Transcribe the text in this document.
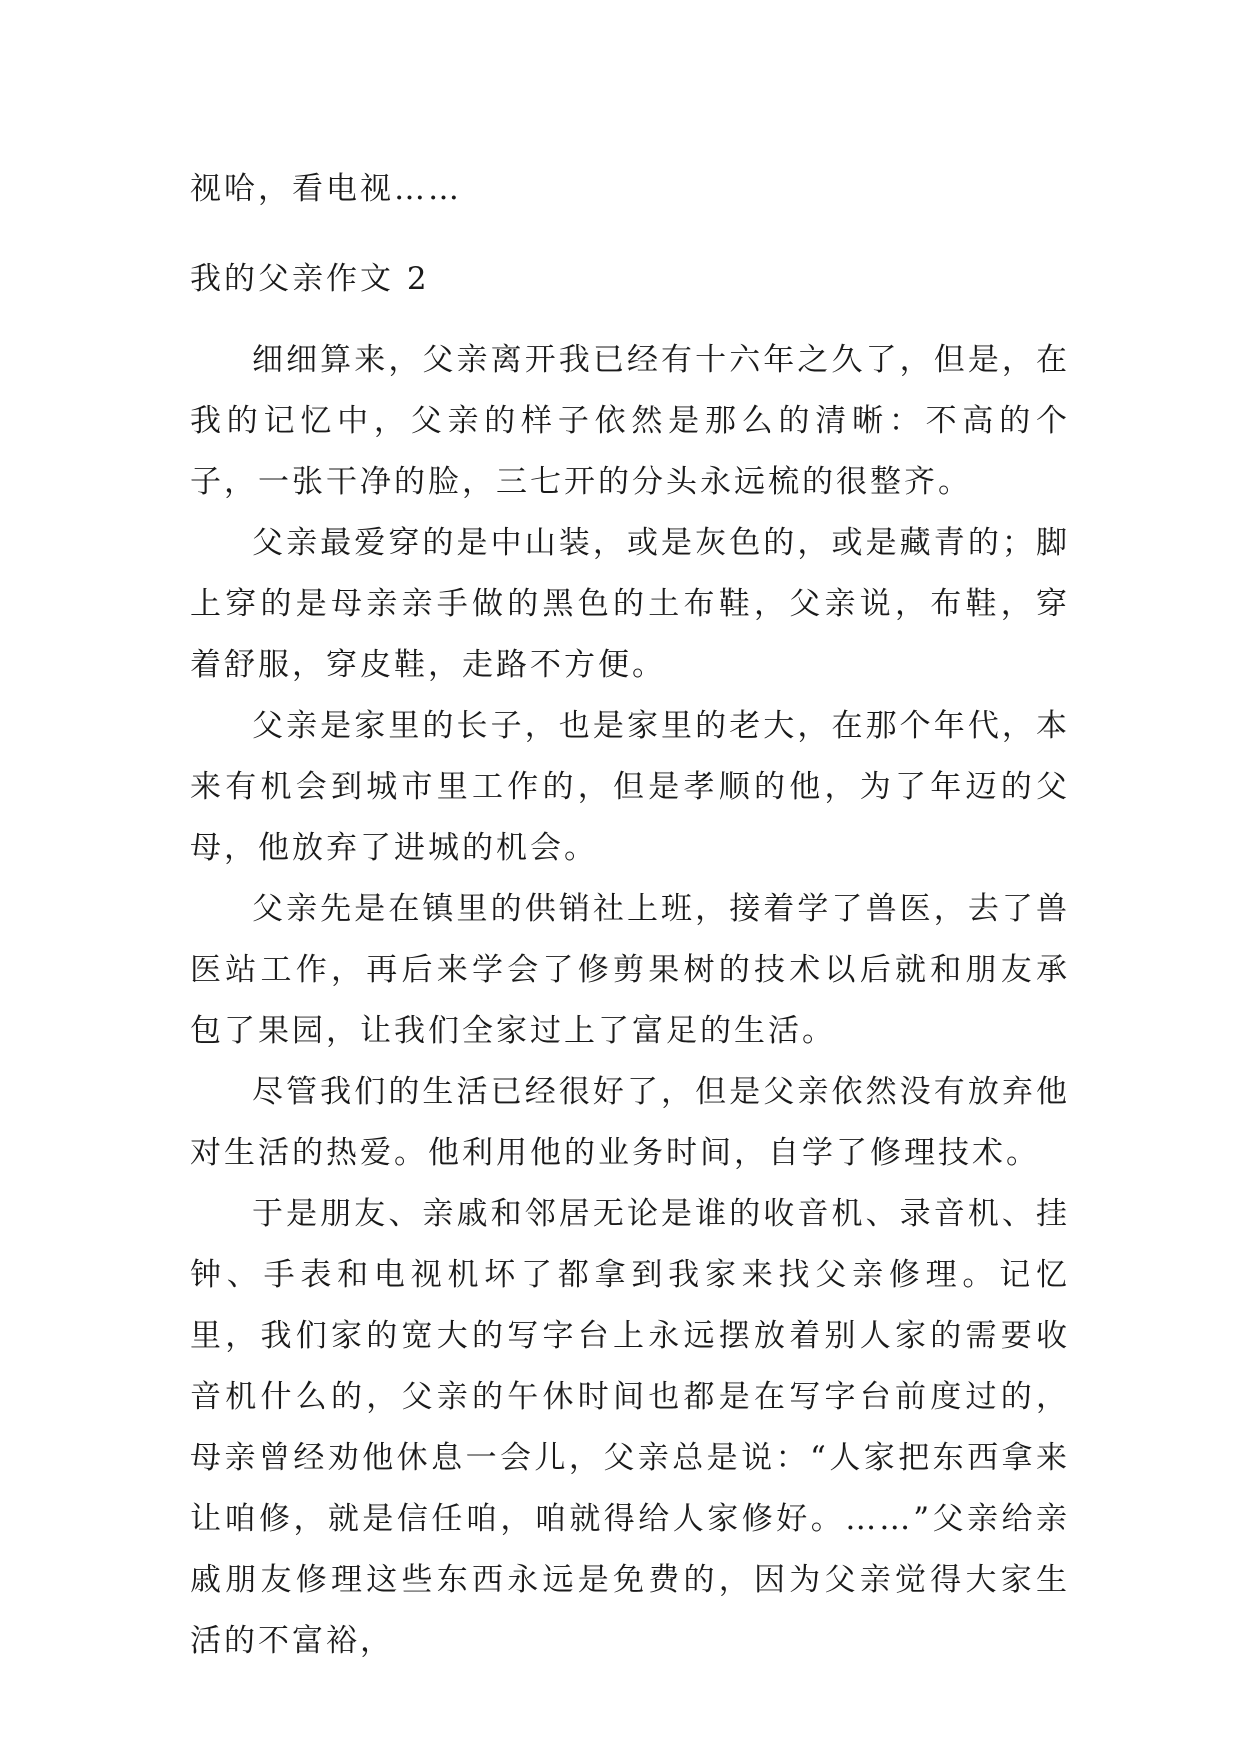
视哈，看电视……
我的父亲作文 2

细细算来，父亲离开我已经有十六年之久了，但是，在我的记忆中，父亲的样子依然是那么的清晰：不高的个子，一张干净的脸，三七开的分头永远梳的很整齐。

父亲最爱穿的是中山装，或是灰色的，或是藏青的；脚上穿的是母亲亲手做的黑色的土布鞋，父亲说，布鞋，穿着舒服，穿皮鞋，走路不方便。

父亲是家里的长子，也是家里的老大，在那个年代，本来有机会到城市里工作的，但是孝顺的他，为了年迈的父母，他放弃了进城的机会。

父亲先是在镇里的供销社上班，接着学了兽医，去了兽医站工作，再后来学会了修剪果树的技术以后就和朋友承包了果园，让我们全家过上了富足的生活。

尽管我们的生活已经很好了，但是父亲依然没有放弃他对生活的热爱。他利用他的业务时间，自学了修理技术。

于是朋友、亲戚和邻居无论是谁的收音机、录音机、挂钟、手表和电视机坏了都拿到我家来找父亲修理。记忆里，我们家的宽大的写字台上永远摆放着别人家的需要收音机什么的，父亲的午休时间也都是在写字台前度过的，母亲曾经劝他休息一会儿，父亲总是说：“人家把东西拿来让咱修，就是信任咱，咱就得给人家修好。……”父亲给亲戚朋友修理这些东西永远是免费的，因为父亲觉得大家生活的不富裕，
